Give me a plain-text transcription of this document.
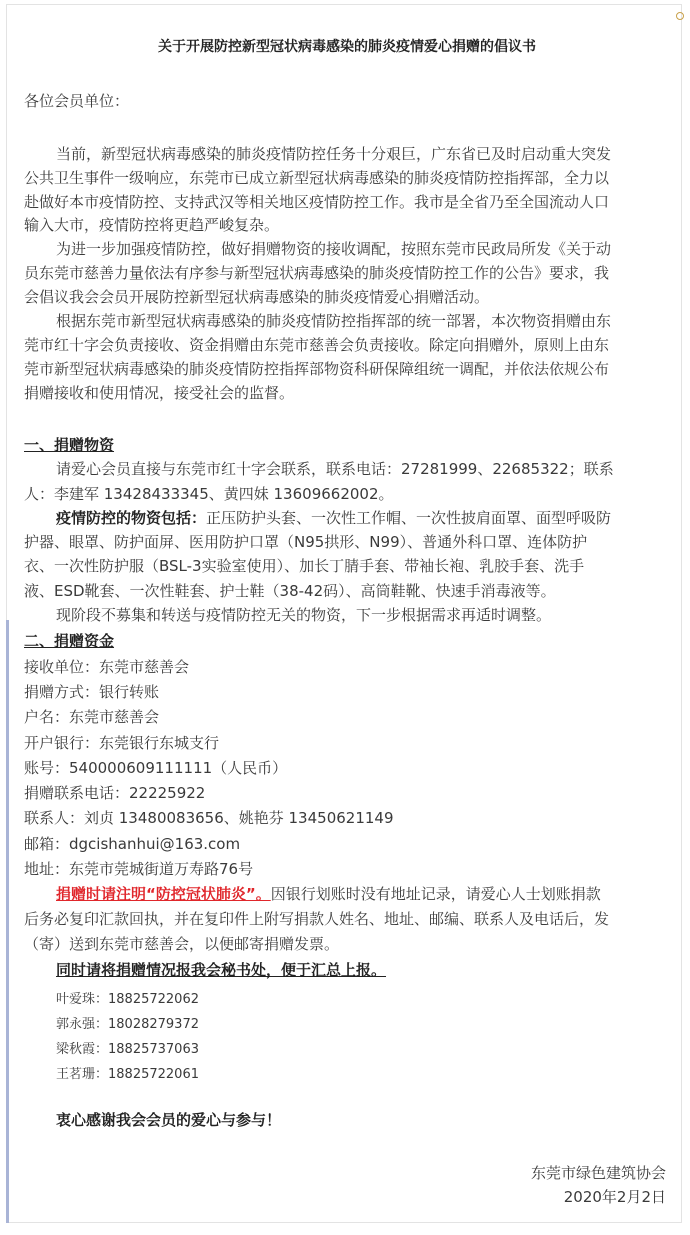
关于开展防控新型冠状病毒感染的肺炎疫情爱心捐赠的倡议书
各位会员单位：
当前，新型冠状病毒感染的肺炎疫情防控任务十分艰巨，广东省已及时启动重大突发
公共卫生事件一级响应，东莞市已成立新型冠状病毒感染的肺炎疫情防控指挥部，全力以
赴做好本市疫情防控、支持武汉等相关地区疫情防控工作。我市是全省乃至全国流动人口
输入大市，疫情防控将更趋严峻复杂。
为进一步加强疫情防控，做好捐赠物资的接收调配，按照东莞市民政局所发《关于动
员东莞市慈善力量依法有序参与新型冠状病毒感染的肺炎疫情防控工作的公告》要求，我
会倡议我会会员开展防控新型冠状病毒感染的肺炎疫情爱心捐赠活动。
根据东莞市新型冠状病毒感染的肺炎疫情防控指挥部的统一部署，本次物资捐赠由东
莞市红十字会负责接收、资金捐赠由东莞市慈善会负责接收。除定向捐赠外，原则上由东
莞市新型冠状病毒感染的肺炎疫情防控指挥部物资科研保障组统一调配，并依法依规公布
捐赠接收和使用情况，接受社会的监督。
一、捐赠物资
请爱心会员直接与东莞市红十字会联系，联系电话：27281999、22685322；联系
人：李建军 13428433345、黄四妹 13609662002。
疫情防控的物资包括：正压防护头套、一次性工作帽、一次性披肩面罩、面型呼吸防
护器、眼罩、防护面屏、医用防护口罩（N95拱形、N99）、普通外科口罩、连体防护
衣、一次性防护服（BSL-3实验室使用）、加长丁腈手套、带袖长袍、乳胶手套、洗手
液、ESD靴套、一次性鞋套、护士鞋（38-42码）、高筒鞋靴、快速手消毒液等。
现阶段不募集和转送与疫情防控无关的物资，下一步根据需求再适时调整。
二、捐赠资金
接收单位：东莞市慈善会
捐赠方式：银行转账
户名：东莞市慈善会
开户银行：东莞银行东城支行
账号：540000609111111（人民币）
捐赠联系电话：22225922
联系人：刘贞 13480083656、姚艳芬 13450621149
邮箱：dgcishanhui@163.com
地址：东莞市莞城街道万寿路76号
捐赠时请注明“防控冠状肺炎”。因银行划账时没有地址记录，请爱心人士划账捐款
后务必复印汇款回执，并在复印件上附写捐款人姓名、地址、邮编、联系人及电话后，发
（寄）送到东莞市慈善会，以便邮寄捐赠发票。
同时请将捐赠情况报我会秘书处，便于汇总上报。
叶爱珠：18825722062
郭永强：18028279372
梁秋霞：18825737063
王茗珊：18825722061
衷心感谢我会会员的爱心与参与！
东莞市绿色建筑协会
2020年2月2日
